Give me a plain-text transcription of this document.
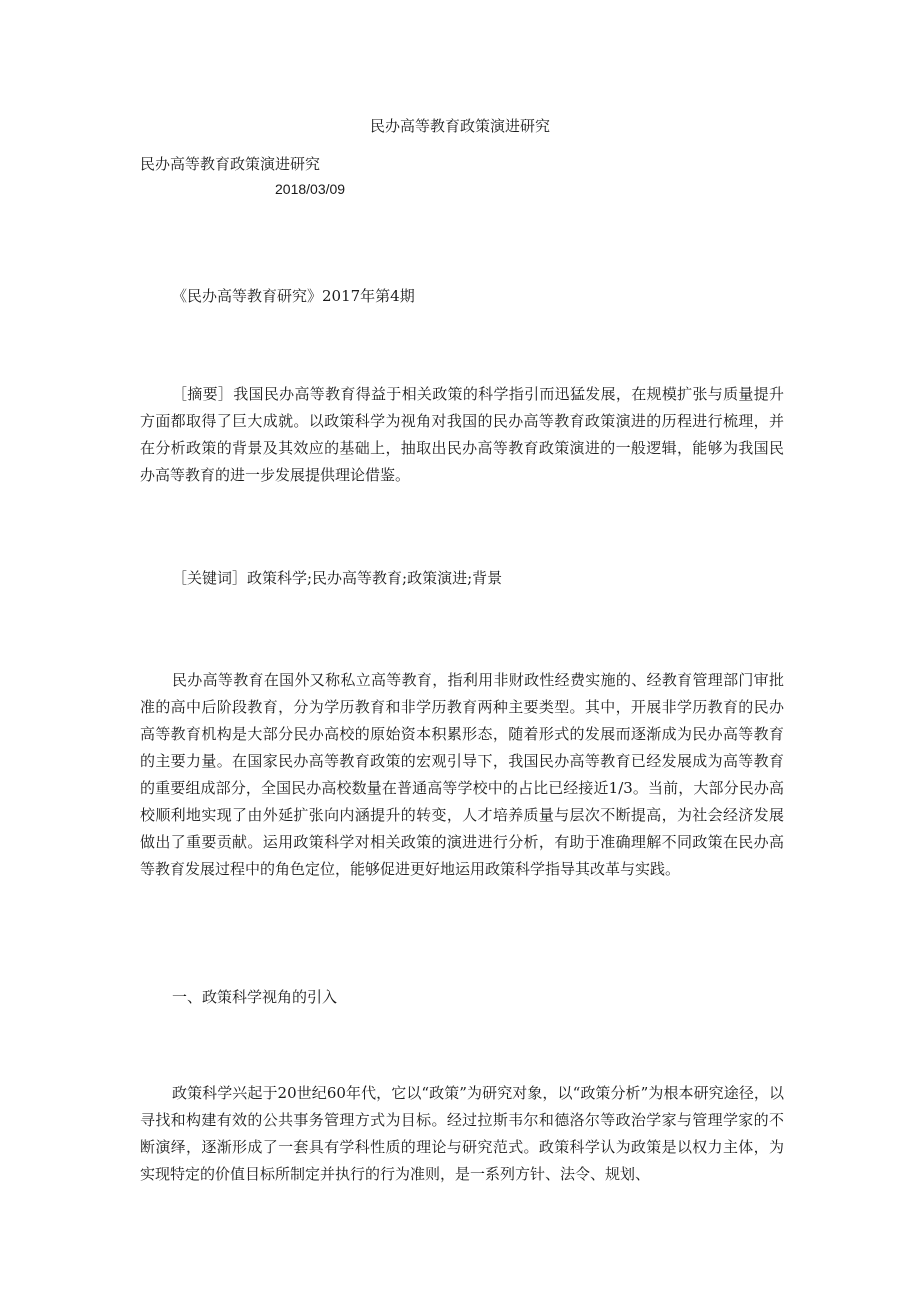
民办高等教育政策演进研究
民办高等教育政策演进研究
2018/03/09

《民办高等教育研究》2017年第4期

［摘要］我国民办高等教育得益于相关政策的科学指引而迅猛发展，在规模扩张与质量提升方面都取得了巨大成就。以政策科学为视角对我国的民办高等教育政策演进的历程进行梳理，并在分析政策的背景及其效应的基础上，抽取出民办高等教育政策演进的一般逻辑，能够为我国民办高等教育的进一步发展提供理论借鉴。

［关键词］政策科学;民办高等教育;政策演进;背景

民办高等教育在国外又称私立高等教育，指利用非财政性经费实施的、经教育管理部门审批准的高中后阶段教育，分为学历教育和非学历教育两种主要类型。其中，开展非学历教育的民办高等教育机构是大部分民办高校的原始资本积累形态，随着形式的发展而逐渐成为民办高等教育的主要力量。在国家民办高等教育政策的宏观引导下，我国民办高等教育已经发展成为高等教育的重要组成部分，全国民办高校数量在普通高等学校中的占比已经接近1/3。当前，大部分民办高校顺利地实现了由外延扩张向内涵提升的转变，人才培养质量与层次不断提高，为社会经济发展做出了重要贡献。运用政策科学对相关政策的演进进行分析，有助于准确理解不同政策在民办高等教育发展过程中的角色定位，能够促进更好地运用政策科学指导其改革与实践。

一、政策科学视角的引入

政策科学兴起于20世纪60年代，它以“政策”为研究对象，以“政策分析”为根本研究途径，以寻找和构建有效的公共事务管理方式为目标。经过拉斯韦尔和德洛尔等政治学家与管理学家的不断演绎，逐渐形成了一套具有学科性质的理论与研究范式。政策科学认为政策是以权力主体，为实现特定的价值目标所制定并执行的行为准则，是一系列方针、法令、规划、
